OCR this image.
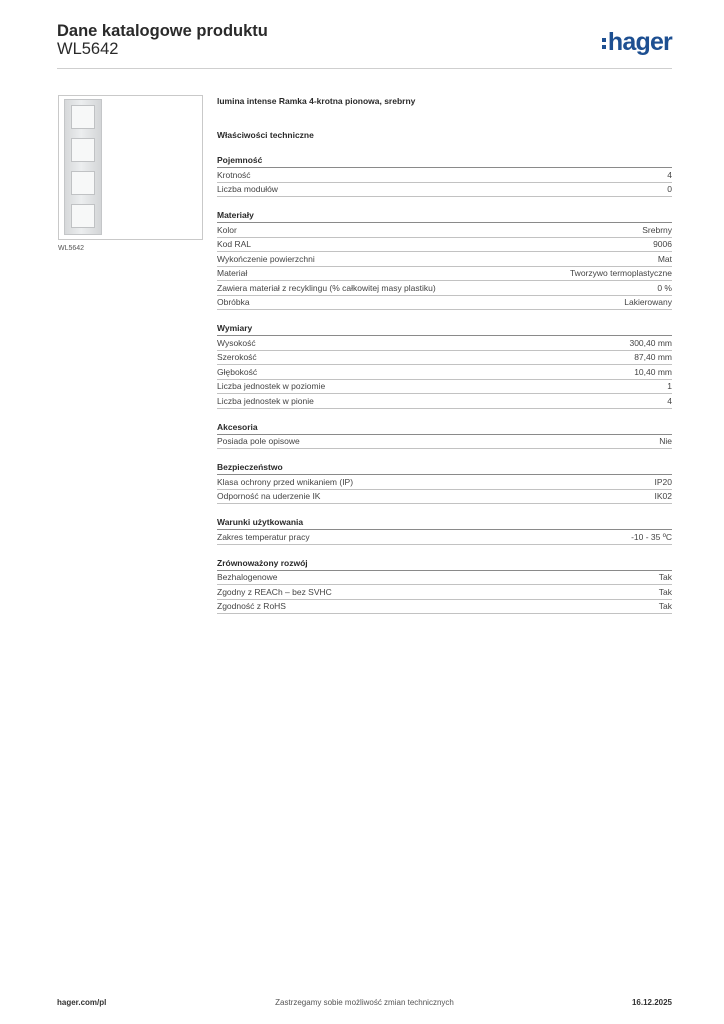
Dane katalogowe produktu
WL5642	hager
WL5642
lumina intense Ramka 4-krotna pionowa, srebrny
Właściwości techniczne
Pojemność
Krotność	4
Liczba modułów	0
Materiały
Kolor	Srebrny
Kod RAL	9006
Wykończenie powierzchni	Mat
Materiał	Tworzywo termoplastyczne
Zawiera materiał z recyklingu (% całkowitej masy plastiku)	0 %
Obróbka	Lakierowany
Wymiary
Wysokość	300,40 mm
Szerokość	87,40 mm
Głębokość	10,40 mm
Liczba jednostek w poziomie	1
Liczba jednostek w pionie	4
Akcesoria
Posiada pole opisowe	Nie
Bezpieczeństwo
Klasa ochrony przed wnikaniem (IP)	IP20
Odporność na uderzenie IK	IK02
Warunki użytkowania
Zakres temperatur pracy	-10 - 35 ºC
Zrównoważony rozwój
Bezhalogenowe	Tak
Zgodny z REACh – bez SVHC	Tak
Zgodność z RoHS	Tak
Zastrzegamy sobie możliwość zmian technicznych
hager.com/pl	16.12.2025
